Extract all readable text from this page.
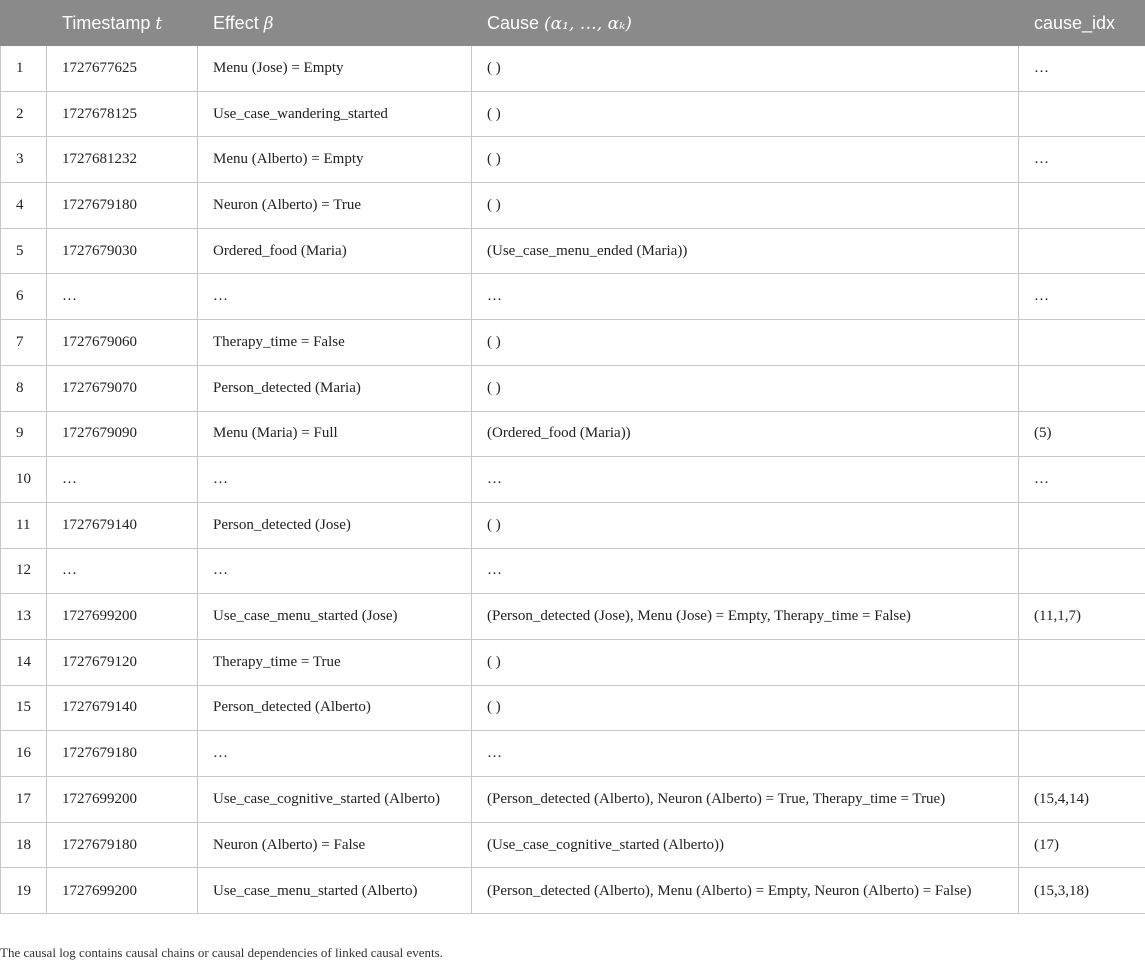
	Timestamp t	Effect β	Cause (α₁, …, αₖ)	cause_idx
1	1727677625	Menu (Jose) = Empty	( )	…
2	1727678125	Use_case_wandering_started	( )	
3	1727681232	Menu (Alberto) = Empty	( )	…
4	1727679180	Neuron (Alberto) = True	( )	
5	1727679030	Ordered_food (Maria)	(Use_case_menu_ended (Maria))	
6	…	…	…	…
7	1727679060	Therapy_time = False	( )	
8	1727679070	Person_detected (Maria)	( )	
9	1727679090	Menu (Maria) = Full	(Ordered_food (Maria))	(5)
10	…	…	…	…
11	1727679140	Person_detected (Jose)	( )	
12	…	…	…	
13	1727699200	Use_case_menu_started (Jose)	(Person_detected (Jose), Menu (Jose) = Empty, Therapy_time = False)	(11,1,7)
14	1727679120	Therapy_time = True	( )	
15	1727679140	Person_detected (Alberto)	( )	
16	1727679180	…	…	
17	1727699200	Use_case_cognitive_started (Alberto)	(Person_detected (Alberto), Neuron (Alberto) = True, Therapy_time = True)	(15,4,14)
18	1727679180	Neuron (Alberto) = False	(Use_case_cognitive_started (Alberto))	(17)
19	1727699200	Use_case_menu_started (Alberto)	(Person_detected (Alberto), Menu (Alberto) = Empty, Neuron (Alberto) = False)	(15,3,18)
The causal log contains causal chains or causal dependencies of linked causal events.
